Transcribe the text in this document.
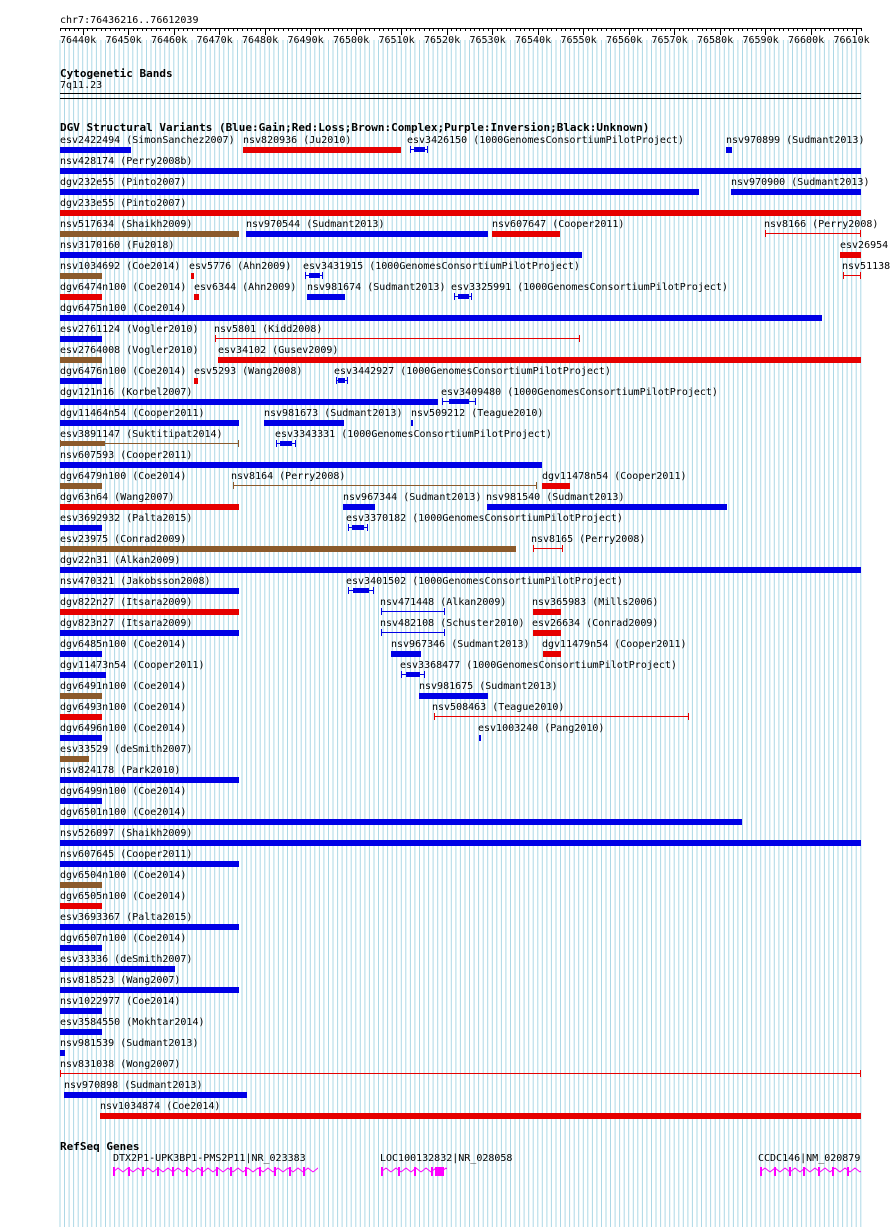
chr7:76436216..76612039
76440k 76450k 76460k 76470k 76480k 76490k 76500k 76510k 76520k 76530k 76540k 76550k 76560k 76570k 76580k 76590k 76600k 76610k
Cytogenetic Bands
7q11.23
DGV Structural Variants (Blue:Gain;Red:Loss;Brown:Complex;Purple:Inversion;Black:Unknown)
esv2422494 (SimonSanchez2007) nsv820936 (Ju2010)	esv3426150 (1000GenomesConsortiumPilotProject)	nsv970899 (Sudmant2013)
nsv428174 (Perry2008b)
dgv232e55 (Pinto2007)	nsv970900 (Sudmant2013)
dgv233e55 (Pinto2007)
nsv517634 (Shaikh2009)	nsv970544 (Sudmant2013)	nsv607647 (Cooper2011)	nsv8166 (Perry2008)
nsv3170160 (Fu2018)	esv26954
nsv1034692 (Coe2014) esv5776 (Ahn2009) esv3431915 (1000GenomesConsortiumPilotProject)	nsv51138
dgv6474n100 (Coe2014) esv6344 (Ahn2009) nsv981674 (Sudmant2013) esv3325991 (1000GenomesConsortiumPilotProject)
dgv6475n100 (Coe2014)
esv2761124 (Vogler2010) nsv5801 (Kidd2008)
esv2764008 (Vogler2010) esv34102 (Gusev2009)
dgv6476n100 (Coe2014) esv5293 (Wang2008)	esv3442927 (1000GenomesConsortiumPilotProject)
dgv121n16 (Korbel2007)	esv3409480 (1000GenomesConsortiumPilotProject)
dgv11464n54 (Cooper2011)	nsv981673 (Sudmant2013) nsv509212 (Teague2010)
esv3891147 (Suktitipat2014)	esv3343331 (1000GenomesConsortiumPilotProject)
nsv607593 (Cooper2011)
dgv6479n100 (Coe2014)	nsv8164 (Perry2008)	dgv11478n54 (Cooper2011)
dgv63n64 (Wang2007)	nsv967344 (Sudmant2013) nsv981540 (Sudmant2013)
esv3692932 (Palta2015)	esv3370182 (1000GenomesConsortiumPilotProject)
esv23975 (Conrad2009)	nsv8165 (Perry2008)
dgv22n31 (Alkan2009)
nsv470321 (Jakobsson2008)	esv3401502 (1000GenomesConsortiumPilotProject)
dgv822n27 (Itsara2009)	nsv471448 (Alkan2009)	nsv365983 (Mills2006)
dgv823n27 (Itsara2009)	nsv482108 (Schuster2010) esv26634 (Conrad2009)
dgv6485n100 (Coe2014)	nsv967346 (Sudmant2013) dgv11479n54 (Cooper2011)
dgv11473n54 (Cooper2011)	esv3368477 (1000GenomesConsortiumPilotProject)
dgv6491n100 (Coe2014)	nsv981675 (Sudmant2013)
dgv6493n100 (Coe2014)	nsv508463 (Teague2010)
dgv6496n100 (Coe2014)	esv1003240 (Pang2010)
esv33529 (deSmith2007)
nsv824178 (Park2010)
dgv6499n100 (Coe2014)
dgv6501n100 (Coe2014)
nsv526097 (Shaikh2009)
nsv607645 (Cooper2011)
dgv6504n100 (Coe2014)
dgv6505n100 (Coe2014)
esv3693367 (Palta2015)
dgv6507n100 (Coe2014)
esv33336 (deSmith2007)
nsv818523 (Wang2007)
nsv1022977 (Coe2014)
esv3584550 (Mokhtar2014)
nsv981539 (Sudmant2013)
nsv831038 (Wong2007)
nsv970898 (Sudmant2013)
nsv1034874 (Coe2014)
RefSeq Genes
DTX2P1-UPK3BP1-PMS2P11|NR_023383	LOC100132832|NR_028058	CCDC146|NM_020879
